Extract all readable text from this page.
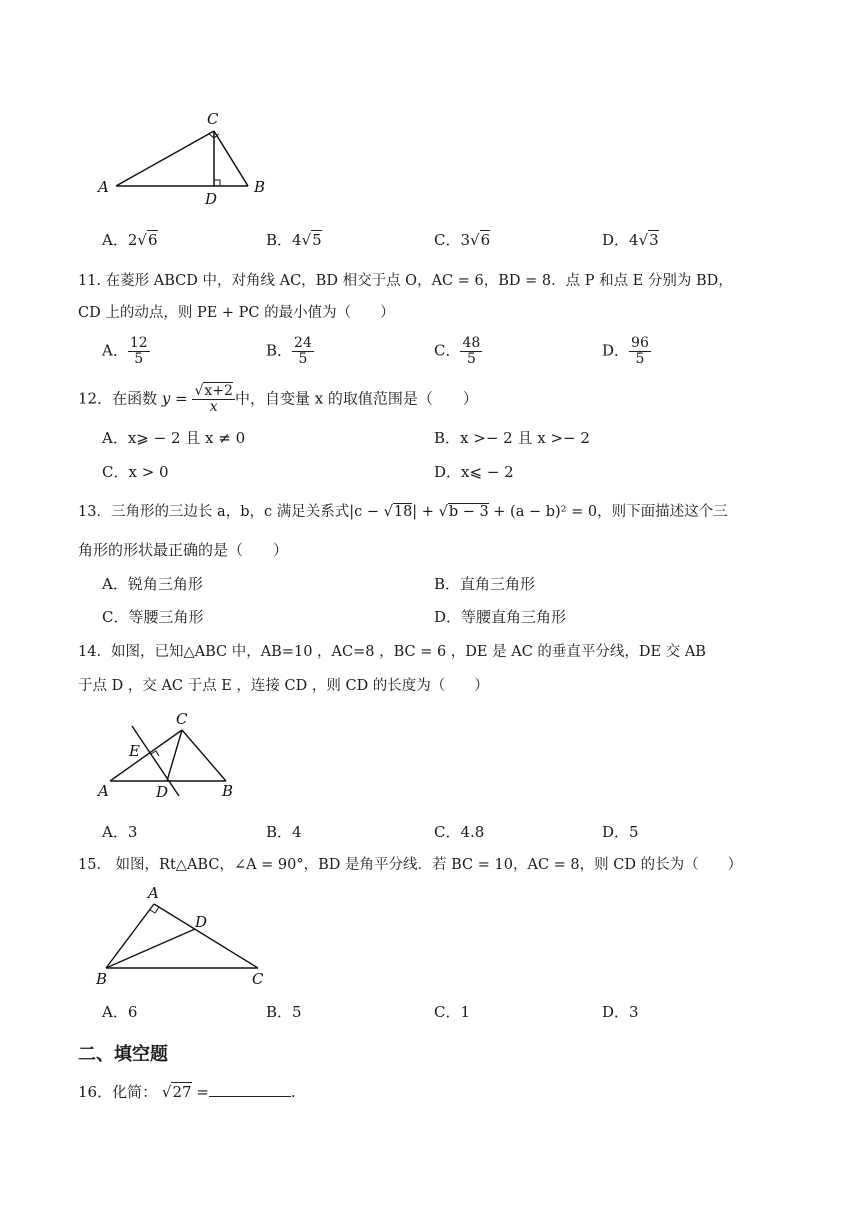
C
A
D
B
A．2√6	B．4√5	C．3√6	D．4√3
11. 在菱形 ABCD 中，对角线 AC，BD 相交于点 O，AC = 6，BD = 8．点 P 和点 E 分别为 BD，
CD 上的动点，则 PE + PC 的最小值为（　　）
A． $\frac{12}{5}$	B． $\frac{24}{5}$	C． $\frac{48}{5}$	D． $\frac{96}{5}$
12．在函数 $y = \frac{√x+2}{x}$ 中，自变量 x 的取值范围是（　　）
A．x⩾ − 2 且 x ≠ 0	B．x >− 2 且 x >− 2
C．x > 0	D．x⩽ − 2
13．三角形的三边长 a，b，c 满足关系式|c − √18| + √b − 3 + (a − b)² = 0，则下面描述这个三
角形的形状最正确的是（　　）
A．锐角三角形	B．直角三角形
C．等腰三角形	D．等腰直角三角形
14．如图，已知△ABC 中，AB=10 ，AC=8 ，BC = 6 ，DE 是 AC 的垂直平分线，DE 交 AB
于点 D ，交 AC 于点 E ，连接 CD ，则 CD 的长度为（　　）
C
E
A	D	B
A．3	B．4	C．4.8	D．5
15． 如图，Rt△ABC，∠A = 90°，BD 是角平分线．若 BC = 10，AC = 8，则 CD 的长为（　　）
A
D
B	C
A．6	B．5	C．1	D．3
二、填空题
16．化简： √27 =	.
